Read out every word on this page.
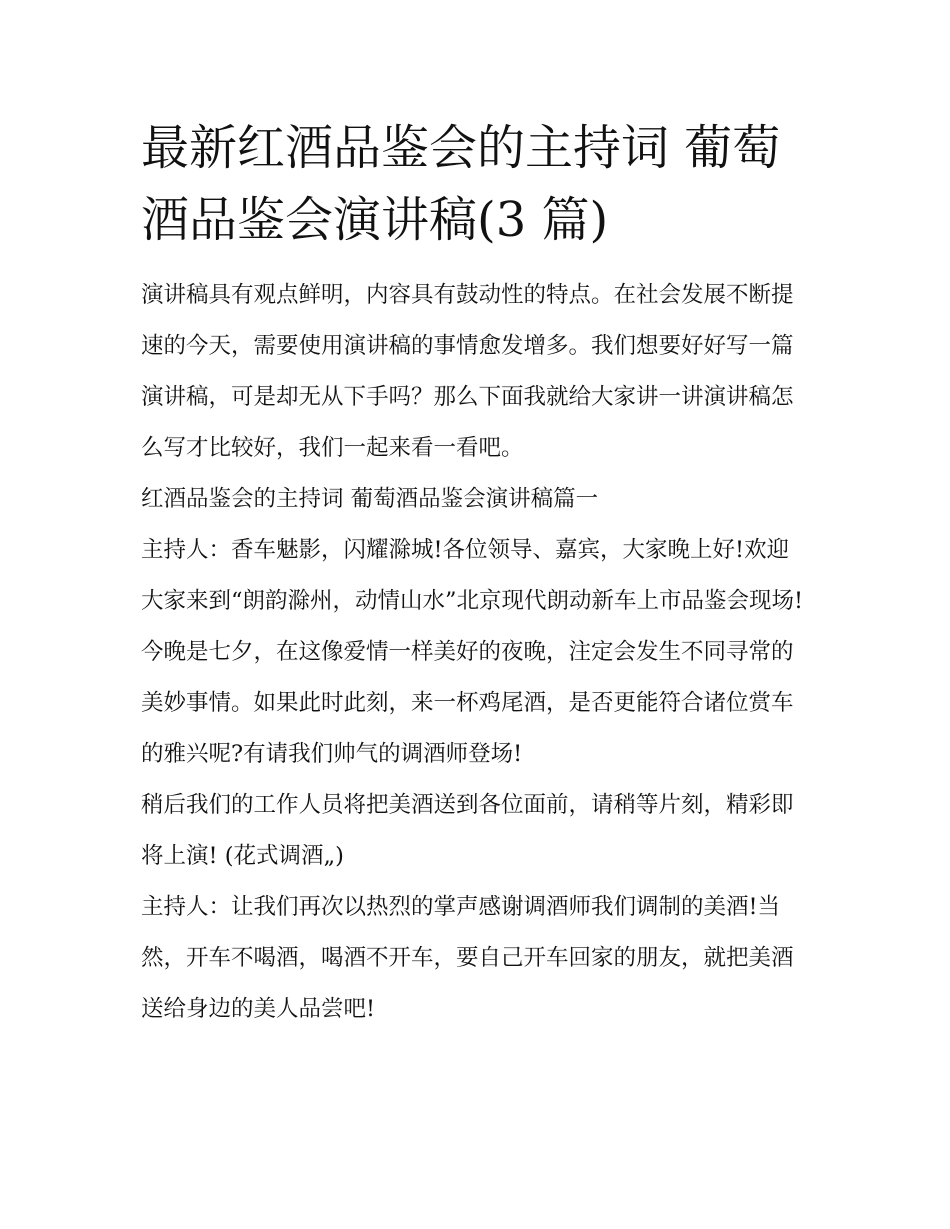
最新红酒品鉴会的主持词 葡萄酒品鉴会演讲稿(3 篇)

演讲稿具有观点鲜明，内容具有鼓动性的特点。在社会发展不断提速的今天，需要使用演讲稿的事情愈发增多。我们想要好好写一篇演讲稿，可是却无从下手吗？那么下面我就给大家讲一讲演讲稿怎么写才比较好，我们一起来看一看吧。

红酒品鉴会的主持词 葡萄酒品鉴会演讲稿篇一

主持人：香车魅影，闪耀滁城!各位领导、嘉宾，大家晚上好!欢迎大家来到“朗韵滁州，动情山水”北京现代朗动新车上市品鉴会现场!

今晚是七夕，在这像爱情一样美好的夜晚，注定会发生不同寻常的美妙事情。如果此时此刻，来一杯鸡尾酒，是否更能符合诸位赏车的雅兴呢?有请我们帅气的调酒师登场!

稍后我们的工作人员将把美酒送到各位面前，请稍等片刻，精彩即将上演! (花式调酒„)

主持人：让我们再次以热烈的掌声感谢调酒师我们调制的美酒!当然，开车不喝酒，喝酒不开车，要自己开车回家的朋友，就把美酒送给身边的美人品尝吧!
